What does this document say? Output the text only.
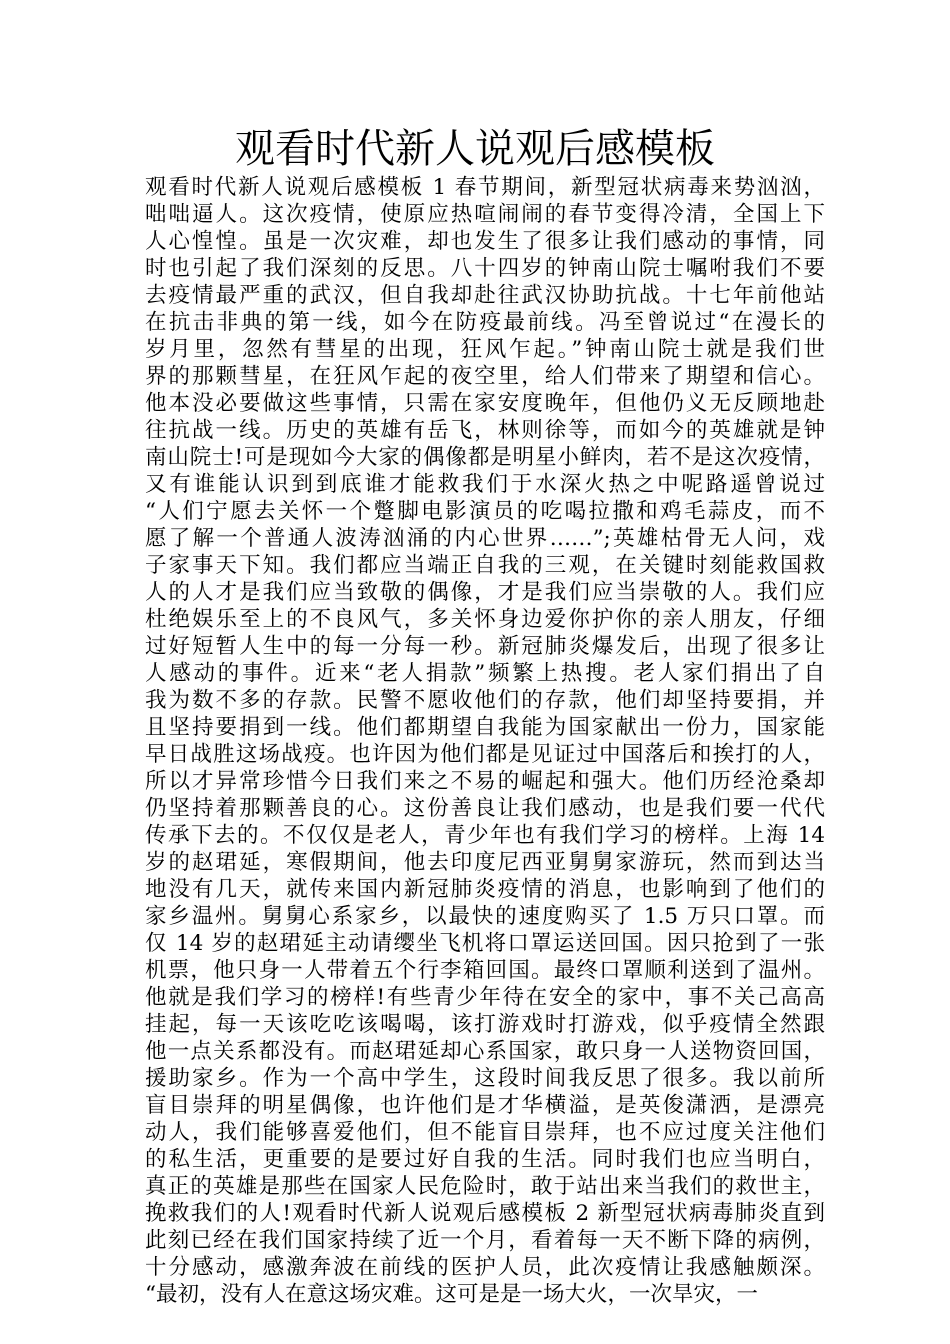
观看时代新人说观后感模板
观看时代新人说观后感模板 1 春节期间，新型冠状病毒来势汹汹，
咄咄逼人。这次疫情，使原应热喧闹闹的春节变得冷清，全国上下
人心惶惶。虽是一次灾难，却也发生了很多让我们感动的事情，同
时也引起了我们深刻的反思。八十四岁的钟南山院士嘱咐我们不要
去疫情最严重的武汉，但自我却赴往武汉协助抗战。十七年前他站
在抗击非典的第一线，如今在防疫最前线。冯至曾说过“在漫长的
岁月里，忽然有彗星的出现，狂风乍起。”钟南山院士就是我们世
界的那颗彗星，在狂风乍起的夜空里，给人们带来了期望和信心。
他本没必要做这些事情，只需在家安度晚年，但他仍义无反顾地赴
往抗战一线。历史的英雄有岳飞，林则徐等，而如今的英雄就是钟
南山院士!可是现如今大家的偶像都是明星小鲜肉，若不是这次疫情，
又有谁能认识到到底谁才能救我们于水深火热之中呢路遥曾说过
“人们宁愿去关怀一个蹩脚电影演员的吃喝拉撒和鸡毛蒜皮，而不
愿了解一个普通人波涛汹涌的内心世界……”;英雄枯骨无人问，戏
子家事天下知。我们都应当端正自我的三观，在关键时刻能救国救
人的人才是我们应当致敬的偶像，才是我们应当崇敬的人。我们应
杜绝娱乐至上的不良风气，多关怀身边爱你护你的亲人朋友，仔细
过好短暂人生中的每一分每一秒。新冠肺炎爆发后，出现了很多让
人感动的事件。近来“老人捐款”频繁上热搜。老人家们捐出了自
我为数不多的存款。民警不愿收他们的存款，他们却坚持要捐，并
且坚持要捐到一线。他们都期望自我能为国家献出一份力，国家能
早日战胜这场战疫。也许因为他们都是见证过中国落后和挨打的人，
所以才异常珍惜今日我们来之不易的崛起和强大。他们历经沧桑却
仍坚持着那颗善良的心。这份善良让我们感动，也是我们要一代代
传承下去的。不仅仅是老人，青少年也有我们学习的榜样。上海 14
岁的赵珺延，寒假期间，他去印度尼西亚舅舅家游玩，然而到达当
地没有几天，就传来国内新冠肺炎疫情的消息，也影响到了他们的
家乡温州。舅舅心系家乡，以最快的速度购买了 1.5 万只口罩。而
仅 14 岁的赵珺延主动请缨坐飞机将口罩运送回国。因只抢到了一张
机票，他只身一人带着五个行李箱回国。最终口罩顺利送到了温州。
他就是我们学习的榜样!有些青少年待在安全的家中，事不关己高高
挂起，每一天该吃吃该喝喝，该打游戏时打游戏，似乎疫情全然跟
他一点关系都没有。而赵珺延却心系国家，敢只身一人送物资回国，
援助家乡。作为一个高中学生，这段时间我反思了很多。我以前所
盲目崇拜的明星偶像，也许他们是才华横溢，是英俊潇洒，是漂亮
动人，我们能够喜爱他们，但不能盲目崇拜，也不应过度关注他们
的私生活，更重要的是要过好自我的生活。同时我们也应当明白，
真正的英雄是那些在国家人民危险时，敢于站出来当我们的救世主，
挽救我们的人!观看时代新人说观后感模板 2 新型冠状病毒肺炎直到
此刻已经在我们国家持续了近一个月，看着每一天不断下降的病例，
十分感动，感激奔波在前线的医护人员，此次疫情让我感触颇深。
“最初，没有人在意这场灾难。这可是是一场大火，一次旱灾，一
